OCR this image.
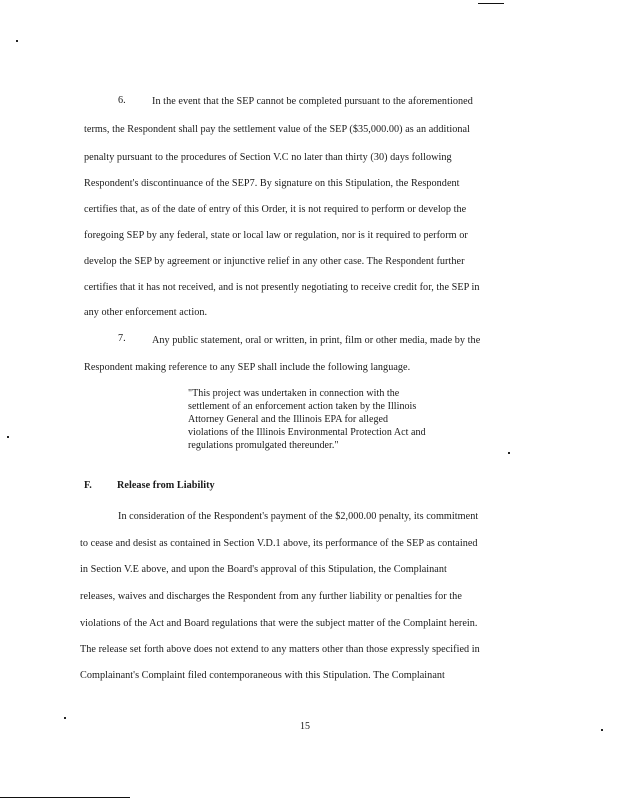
6.	In the event that the SEP cannot be completed pursuant to the aforementioned
terms, the Respondent shall pay the settlement value of the SEP ($35,000.00) as an additional
penalty pursuant to the procedures of Section V.C no later than thirty (30) days following
Respondent's discontinuance of the SEP7. By signature on this Stipulation, the Respondent
certifies that, as of the date of entry of this Order, it is not required to perform or develop the
foregoing SEP by any federal, state or local law or regulation, nor is it required to perform or
develop the SEP by agreement or injunctive relief in any other case. The Respondent further
certifies that it has not received, and is not presently negotiating to receive credit for, the SEP in
any other enforcement action.
7.	Any public statement, oral or written, in print, film or other media, made by the
Respondent making reference to any SEP shall include the following language.
"This project was undertaken in connection with the
settlement of an enforcement action taken by the Illinois
Attorney General and the Illinois EPA for alleged
violations of the Illinois Environmental Protection Act and
regulations promulgated thereunder."
F. Release from Liability
In consideration of the Respondent's payment of the $2,000.00 penalty, its commitment
to cease and desist as contained in Section V.D.1 above, its performance of the SEP as contained
in Section V.E above, and upon the Board's approval of this Stipulation, the Complainant
releases, waives and discharges the Respondent from any further liability or penalties for the
violations of the Act and Board regulations that were the subject matter of the Complaint herein.
The release set forth above does not extend to any matters other than those expressly specified in
Complainant's Complaint filed contemporaneous with this Stipulation. The Complainant
15
